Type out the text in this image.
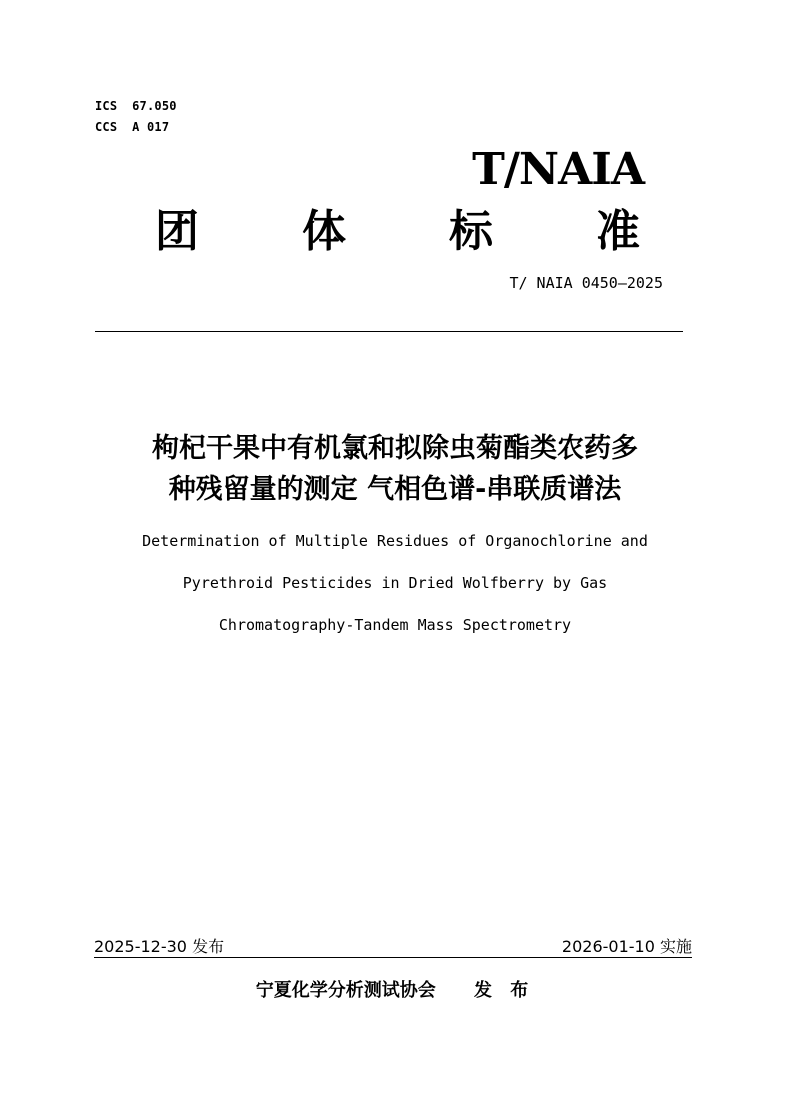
ICS  67.050
CCS  A 017
T/NAIA
团 体 标 准
T/ NAIA 0450—2025
枸杞干果中有机氯和拟除虫菊酯类农药多
种残留量的测定 气相色谱-串联质谱法
Determination of Multiple Residues of Organochlorine and
Pyrethroid Pesticides in Dried Wolfberry by Gas
Chromatography-Tandem Mass Spectrometry
2025-12-30 发布	2026-01-10 实施
宁夏化学分析测试协会 发 布
